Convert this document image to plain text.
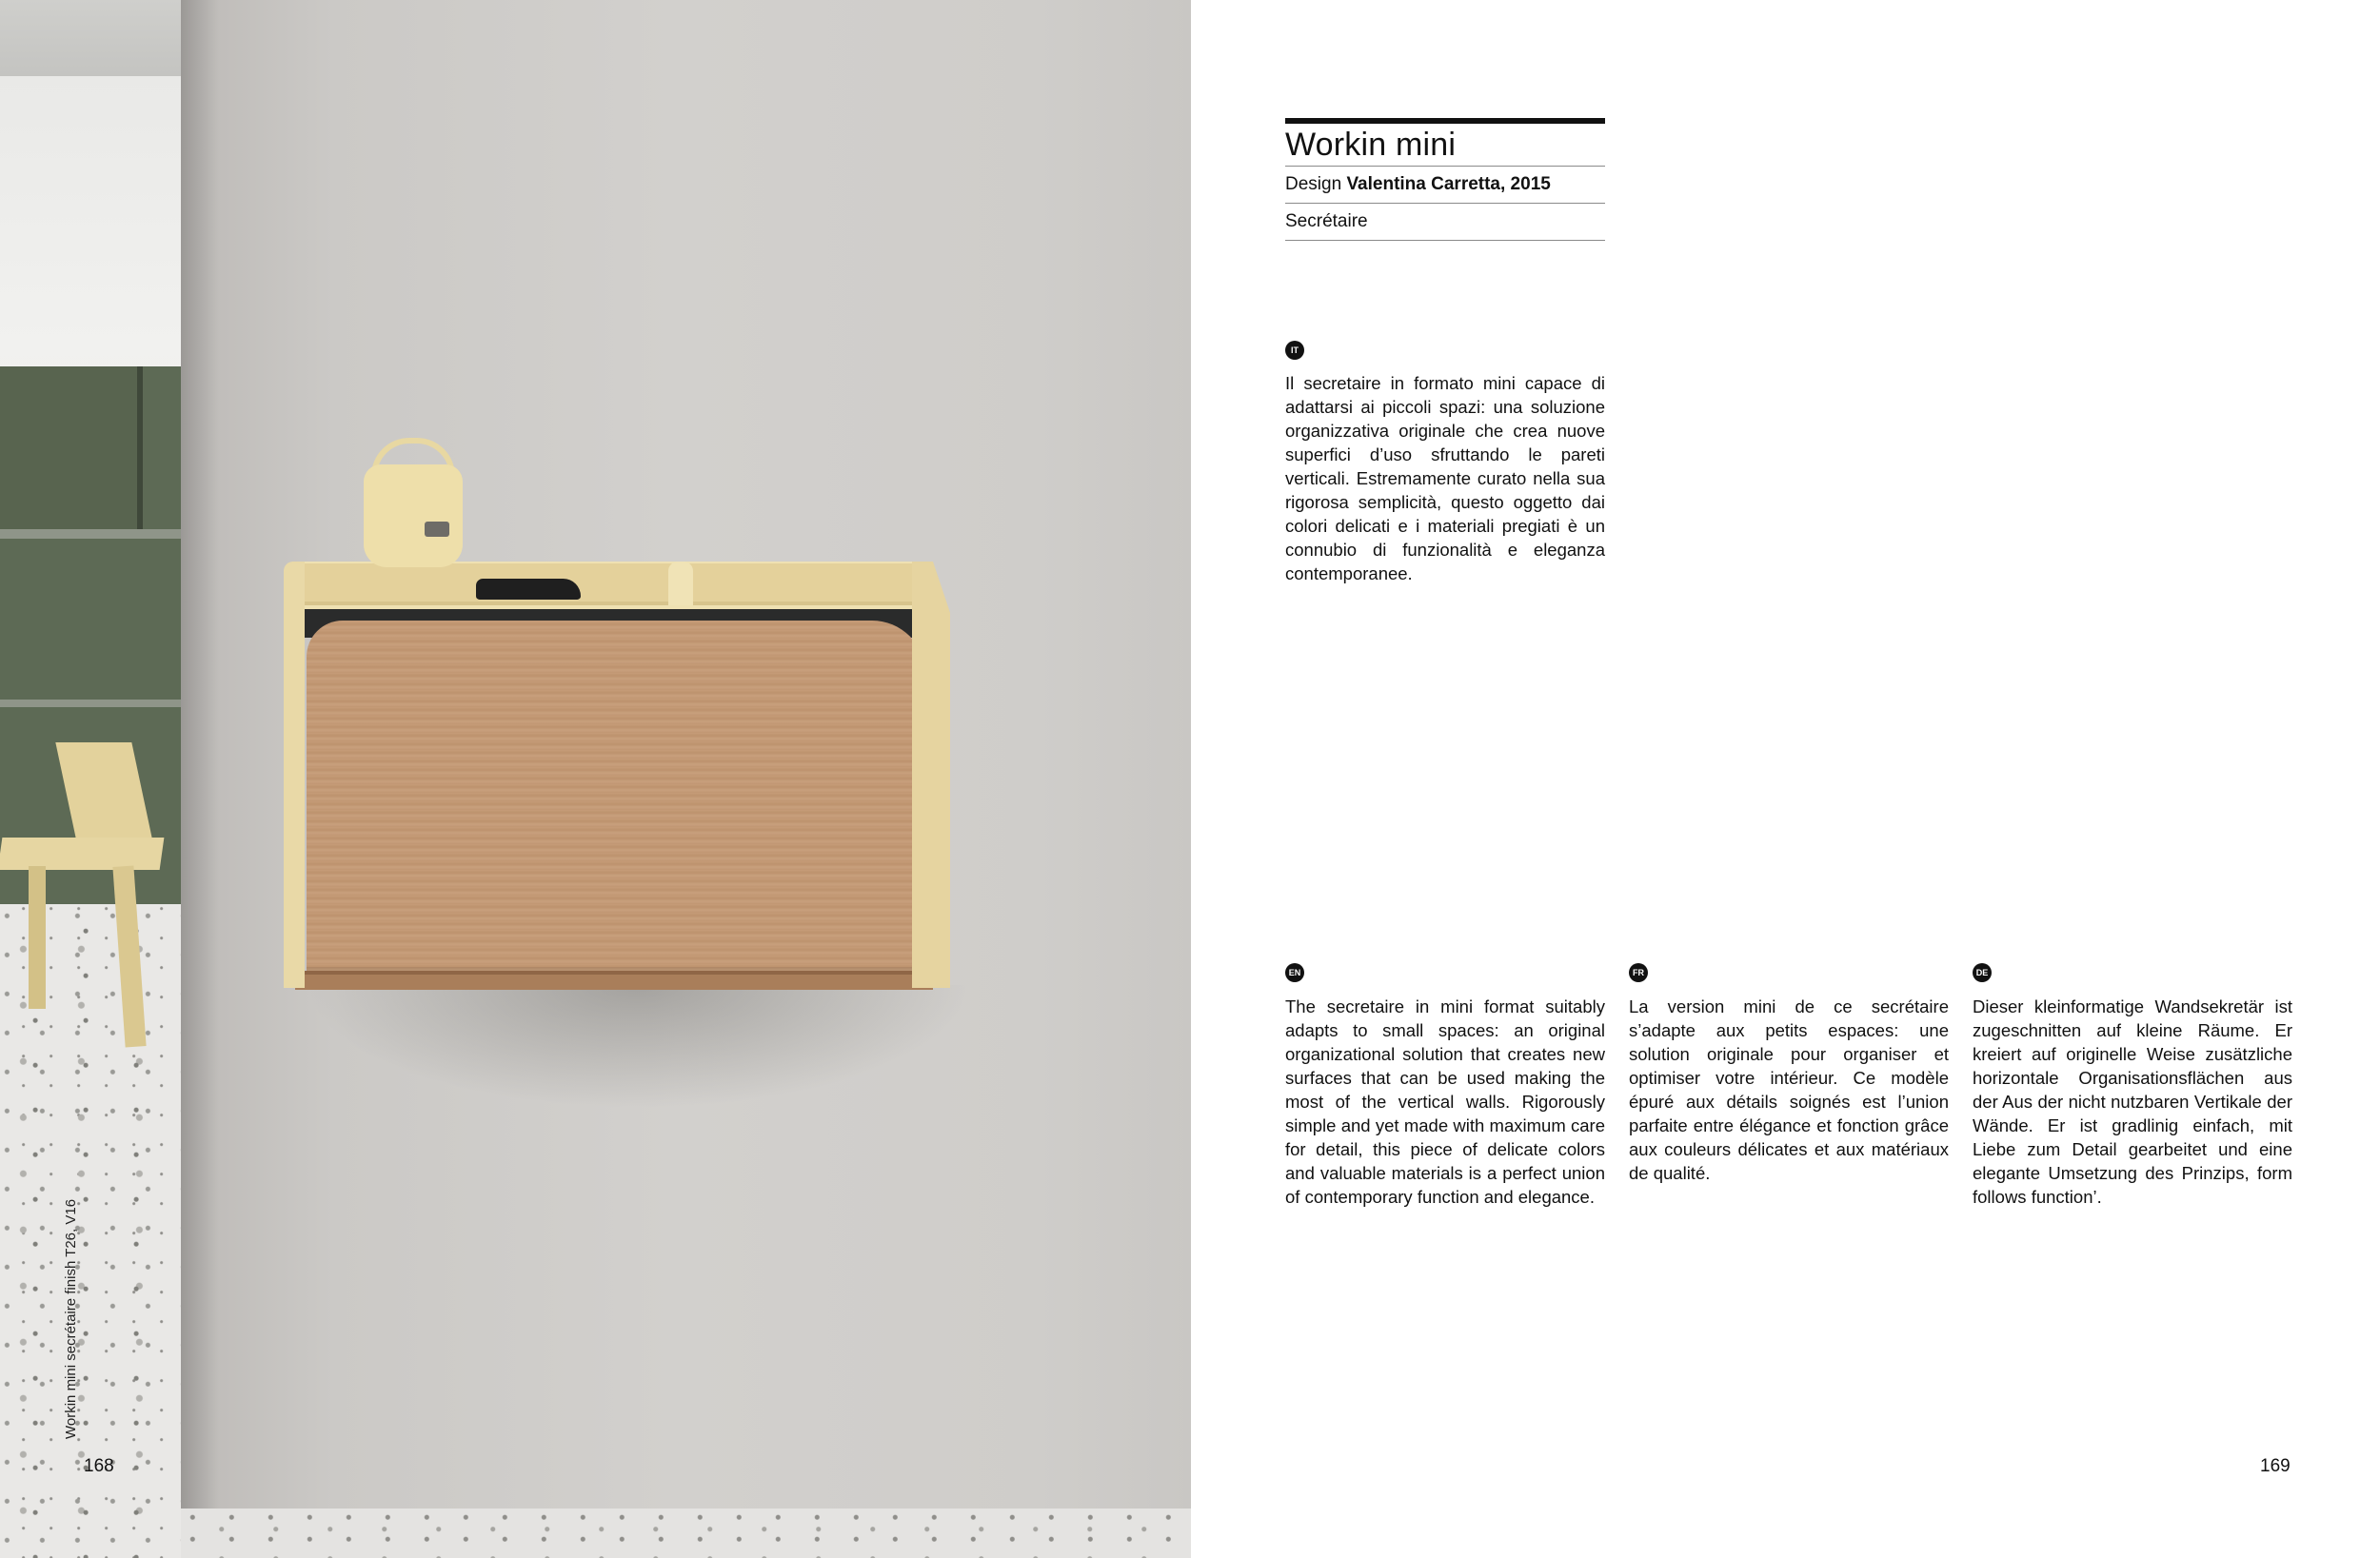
Workin mini secrétaire finish T26, V16
168
Workin mini
Design Valentina Carretta, 2015
Secrétaire
IT
Il secretaire in formato mini capace di adattarsi ai piccoli spazi: una soluzione organizzativa originale che crea nuove superfici d’uso sfruttando le pareti verticali. Estremamente curato nella sua rigorosa semplicità, questo oggetto dai colori delicati e i materiali pregiati è un connubio di funzionalità e eleganza contemporanee.
EN
The secretaire in mini format suitably adapts to small spaces: an original organizational solution that creates new surfaces that can be used making the most of the vertical walls. Rigorously simple and yet made with maximum care for detail, this piece of delicate colors and valuable materials is a perfect union of contemporary function and elegance.
FR
La version mini de ce secrétaire s’adapte aux petits espaces: une solution originale pour organiser et optimiser votre intérieur. Ce modèle épuré aux détails soignés est l’union parfaite entre élégance et fonction grâce aux couleurs délicates et aux matériaux de qualité.
DE
Dieser kleinformatige Wandsekretär ist zugeschnitten auf kleine Räume. Er kreiert auf originelle Weise zusätzliche horizontale Organisationsflächen aus der Aus der nicht nutzbaren Vertikale der Wände. Er ist gradlinig einfach, mit Liebe zum Detail gearbeitet und eine elegante Umsetzung des Prinzips, form follows function’.
169
